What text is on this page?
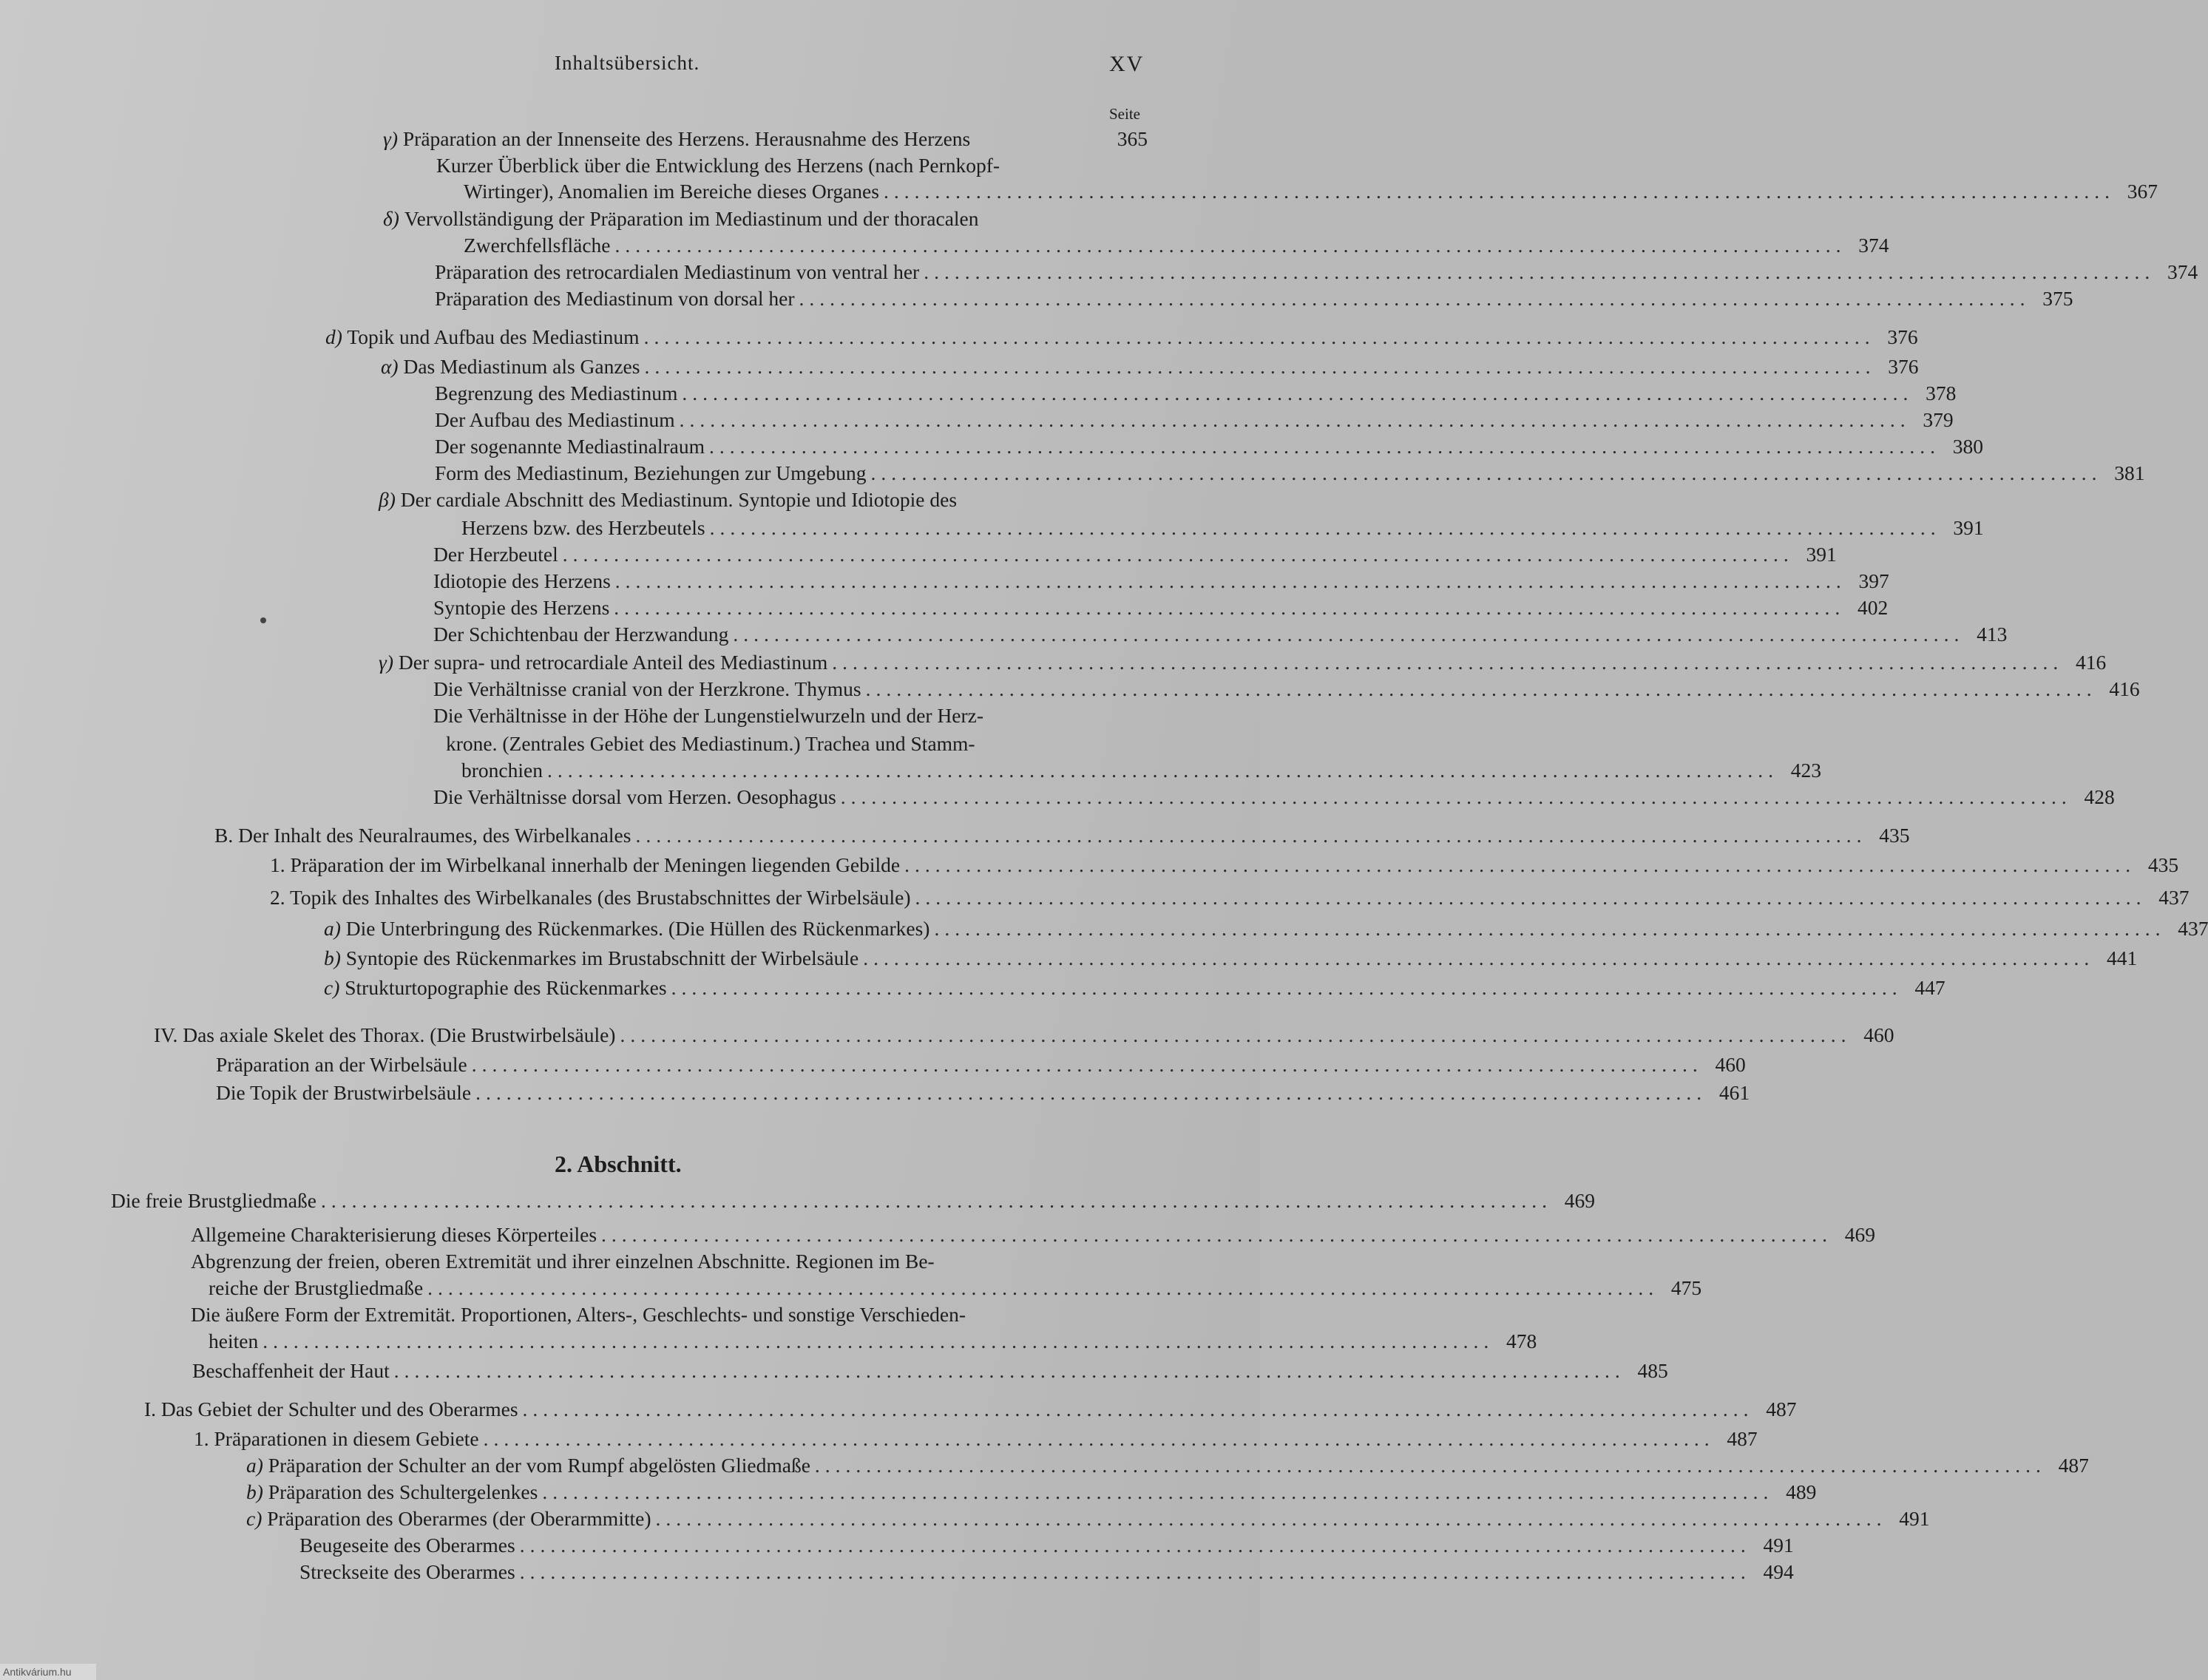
Inhaltsübersicht.	XV
Seite
γ) Präparation an der Innenseite des Herzens. Herausnahme des Herzens	365
Kurzer Überblick über die Entwicklung des Herzens (nach Pernkopf-
Wirtinger), Anomalien im Bereiche dieses Organes ........................................................................................................................ 367
δ) Vervollständigung der Präparation im Mediastinum und der thoracalen
Zwerchfellsfläche ........................................................................................................................ 374
Präparation des retrocardialen Mediastinum von ventral her ........................................................................................................................ 374
Präparation des Mediastinum von dorsal her ........................................................................................................................ 375
d) Topik und Aufbau des Mediastinum ........................................................................................................................ 376
α) Das Mediastinum als Ganzes ........................................................................................................................ 376
Begrenzung des Mediastinum ........................................................................................................................ 378
Der Aufbau des Mediastinum ........................................................................................................................ 379
Der sogenannte Mediastinalraum ........................................................................................................................ 380
Form des Mediastinum, Beziehungen zur Umgebung ........................................................................................................................ 381
β) Der cardiale Abschnitt des Mediastinum. Syntopie und Idiotopie des
Herzens bzw. des Herzbeutels ........................................................................................................................ 391
Der Herzbeutel ........................................................................................................................ 391
Idiotopie des Herzens ........................................................................................................................ 397
Syntopie des Herzens ........................................................................................................................ 402
Der Schichtenbau der Herzwandung ........................................................................................................................ 413
γ) Der supra- und retrocardiale Anteil des Mediastinum ........................................................................................................................ 416
Die Verhältnisse cranial von der Herzkrone. Thymus ........................................................................................................................ 416
Die Verhältnisse in der Höhe der Lungenstielwurzeln und der Herz-
krone. (Zentrales Gebiet des Mediastinum.) Trachea und Stamm-
bronchien ........................................................................................................................ 423
Die Verhältnisse dorsal vom Herzen. Oesophagus ........................................................................................................................ 428
B. Der Inhalt des Neuralraumes, des Wirbelkanales ........................................................................................................................ 435
1. Präparation der im Wirbelkanal innerhalb der Meningen liegenden Gebilde ........................................................................................................................ 435
2. Topik des Inhaltes des Wirbelkanales (des Brustabschnittes der Wirbelsäule) ........................................................................................................................ 437
a) Die Unterbringung des Rückenmarkes. (Die Hüllen des Rückenmarkes) ........................................................................................................................ 437
b) Syntopie des Rückenmarkes im Brustabschnitt der Wirbelsäule ........................................................................................................................ 441
c) Strukturtopographie des Rückenmarkes ........................................................................................................................ 447
IV. Das axiale Skelet des Thorax. (Die Brustwirbelsäule) ........................................................................................................................ 460
Präparation an der Wirbelsäule ........................................................................................................................ 460
Die Topik der Brustwirbelsäule ........................................................................................................................ 461
2. Abschnitt.
Die freie Brustgliedmaße ........................................................................................................................ 469
Allgemeine Charakterisierung dieses Körperteiles ........................................................................................................................ 469
Abgrenzung der freien, oberen Extremität und ihrer einzelnen Abschnitte. Regionen im Be-
reiche der Brustgliedmaße ........................................................................................................................ 475
Die äußere Form der Extremität. Proportionen, Alters-, Geschlechts- und sonstige Verschieden-
heiten ........................................................................................................................ 478
Beschaffenheit der Haut ........................................................................................................................ 485
I. Das Gebiet der Schulter und des Oberarmes ........................................................................................................................ 487
1. Präparationen in diesem Gebiete ........................................................................................................................ 487
a) Präparation der Schulter an der vom Rumpf abgelösten Gliedmaße ........................................................................................................................ 487
b) Präparation des Schultergelenkes ........................................................................................................................ 489
c) Präparation des Oberarmes (der Oberarmmitte) ........................................................................................................................ 491
Beugeseite des Oberarmes ........................................................................................................................ 491
Streckseite des Oberarmes ........................................................................................................................ 494
Antikvárium.hu
